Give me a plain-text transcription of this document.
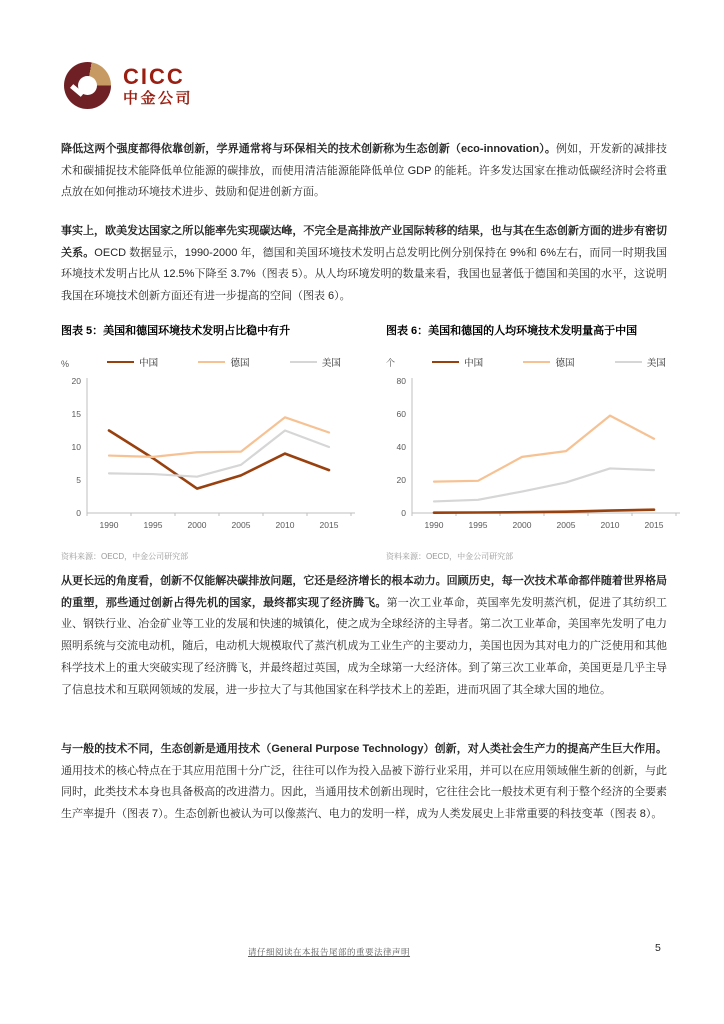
CICC
中金公司
降低这两个强度都得依靠创新，学界通常将与环保相关的技术创新称为生态创新（eco-innovation）。例如，开发新的减排技术和碳捕捉技术能降低单位能源的碳排放，而使用清洁能源能降低单位 GDP 的能耗。许多发达国家在推动低碳经济时会将重点放在如何推动环境技术进步、鼓励和促进创新方面。
事实上，欧美发达国家之所以能率先实现碳达峰，不完全是高排放产业国际转移的结果，也与其在生态创新方面的进步有密切关系。OECD 数据显示，1990-2000 年，德国和美国环境技术发明占总发明比例分别保持在 9%和 6%左右，而同一时期我国环境技术发明占比从 12.5%下降至 3.7%（图表 5）。从人均环境发明的数量来看，我国也显著低于德国和美国的水平，这说明我国在环境技术创新方面还有进一步提高的空间（图表 6）。
从更长远的角度看，创新不仅能解决碳排放问题，它还是经济增长的根本动力。回顾历史，每一次技术革命都伴随着世界格局的重塑，那些通过创新占得先机的国家，最终都实现了经济腾飞。第一次工业革命，英国率先发明蒸汽机，促进了其纺织工业、钢铁行业、冶金矿业等工业的发展和快速的城镇化，使之成为全球经济的主导者。第二次工业革命，美国率先发明了电力照明系统与交流电动机，随后，电动机大规模取代了蒸汽机成为工业生产的主要动力，美国也因为其对电力的广泛使用和其他科学技术上的重大突破实现了经济腾飞，并最终超过英国，成为全球第一大经济体。到了第三次工业革命，美国更是几乎主导了信息技术和互联网领域的发展，进一步拉大了与其他国家在科学技术上的差距，进而巩固了其全球大国的地位。
与一般的技术不同，生态创新是通用技术（General Purpose Technology）创新，对人类社会生产力的提高产生巨大作用。通用技术的核心特点在于其应用范围十分广泛，往往可以作为投入品被下游行业采用，并可以在应用领域催生新的创新，与此同时，此类技术本身也具备极高的改进潜力。因此，当通用技术创新出现时，它往往会比一般技术更有利于整个经济的全要素生产率提升（图表 7）。生态创新也被认为可以像蒸汽、电力的发明一样，成为人类发展史上非常重要的科技变革（图表 8）。
图表 5：美国和德国环境技术发明占比稳中有升
%	中国	德国	美国
0
5
10
15
20
1990	1995	2000	2005	2010	2015
资料来源：OECD，中金公司研究部
图表 6：美国和德国的人均环境技术发明量高于中国
个	中国	德国	美国
0
20
40
60
80
1990	1995	2000	2005	2010	2015
资料来源：OECD，中金公司研究部
请仔细阅读在本报告尾部的重要法律声明	5
